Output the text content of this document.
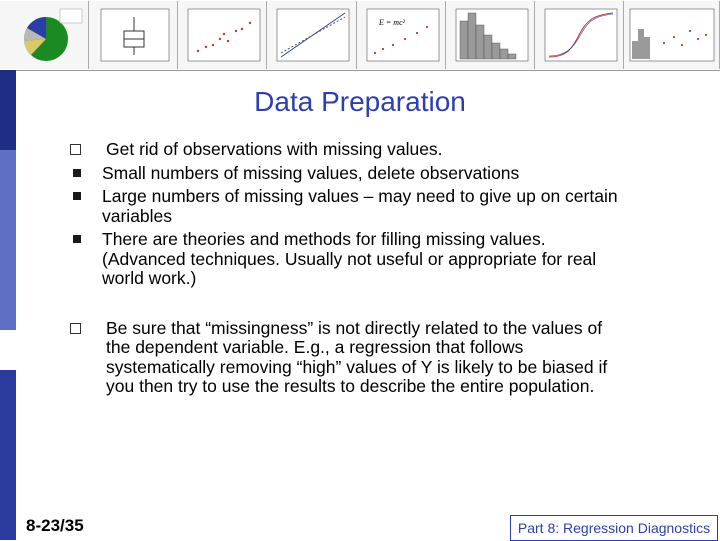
E = mc²
Data Preparation
Get rid of observations with missing values.
Small numbers of missing values, delete observations
Large numbers of missing values – may need to give up on certain variables
There are theories and methods for filling missing values. (Advanced techniques. Usually not useful or appropriate for real world work.)
Be sure that “missingness” is not directly related to the values of the dependent variable. E.g., a regression that follows systematically removing “high” values of Y is likely to be biased if you then try to use the results to describe the entire population.
8-23/35	Part 8: Regression Diagnostics
